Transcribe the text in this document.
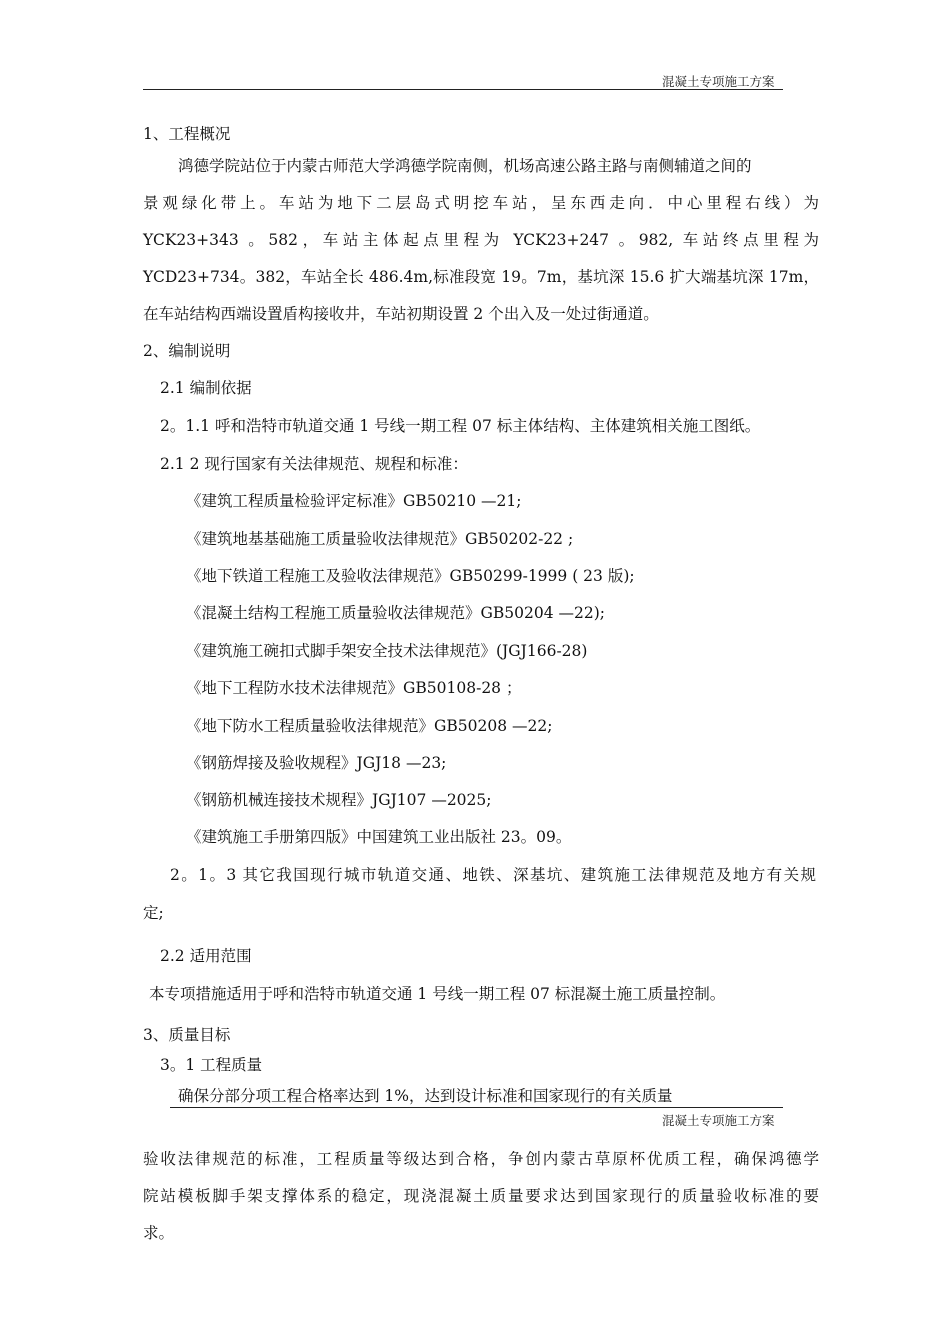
混凝土专项施工方案
1、工程概况
鸿德学院站位于内蒙古师范大学鸿德学院南侧，机场高速公路主路与南侧辅道之间的
景观绿化带上。车站为地下二层岛式明挖车站，呈东西走向．中心里程右线）为
YCK23+343 。582，车站主体起点里程为 YCK23+247 。982, 车站终点里程为
YCD23+734。382，车站全长 486.4m,标准段宽 19。7m，基坑深 15.6 扩大端基坑深 17m，
在车站结构西端设置盾构接收井，车站初期设置 2 个出入及一处过街通道。
2、编制说明
2.1 编制依据
2。1.1 呼和浩特市轨道交通 1 号线一期工程 07 标主体结构、主体建筑相关施工图纸。
2.1 2 现行国家有关法律规范、规程和标准：
《建筑工程质量检验评定标准》GB50210 —21;
《建筑地基基础施工质量验收法律规范》GB50202-22 ;
《地下铁道工程施工及验收法律规范》GB50299-1999 ( 23 版);
《混凝土结构工程施工质量验收法律规范》GB50204 —22);
《建筑施工碗扣式脚手架安全技术法律规范》(JGJ166-28)
《地下工程防水技术法律规范》GB50108-28 ；
《地下防水工程质量验收法律规范》GB50208 —22;
《钢筋焊接及验收规程》JGJ18 —23;
《钢筋机械连接技术规程》JGJ107 —2025;
《建筑施工手册第四版》中国建筑工业出版社 23。09。
2。1。3 其它我国现行城市轨道交通、地铁、深基坑、建筑施工法律规范及地方有关规
定;
2.2 适用范围
本专项措施适用于呼和浩特市轨道交通 1 号线一期工程 07 标混凝土施工质量控制。
3、质量目标
3。1 工程质量
确保分部分项工程合格率达到 1%，达到设计标准和国家现行的有关质量
混凝土专项施工方案
验收法律规范的标准，工程质量等级达到合格，争创内蒙古草原杯优质工程，确保鸿德学
院站模板脚手架支撑体系的稳定，现浇混凝土质量要求达到国家现行的质量验收标准的要
求。
